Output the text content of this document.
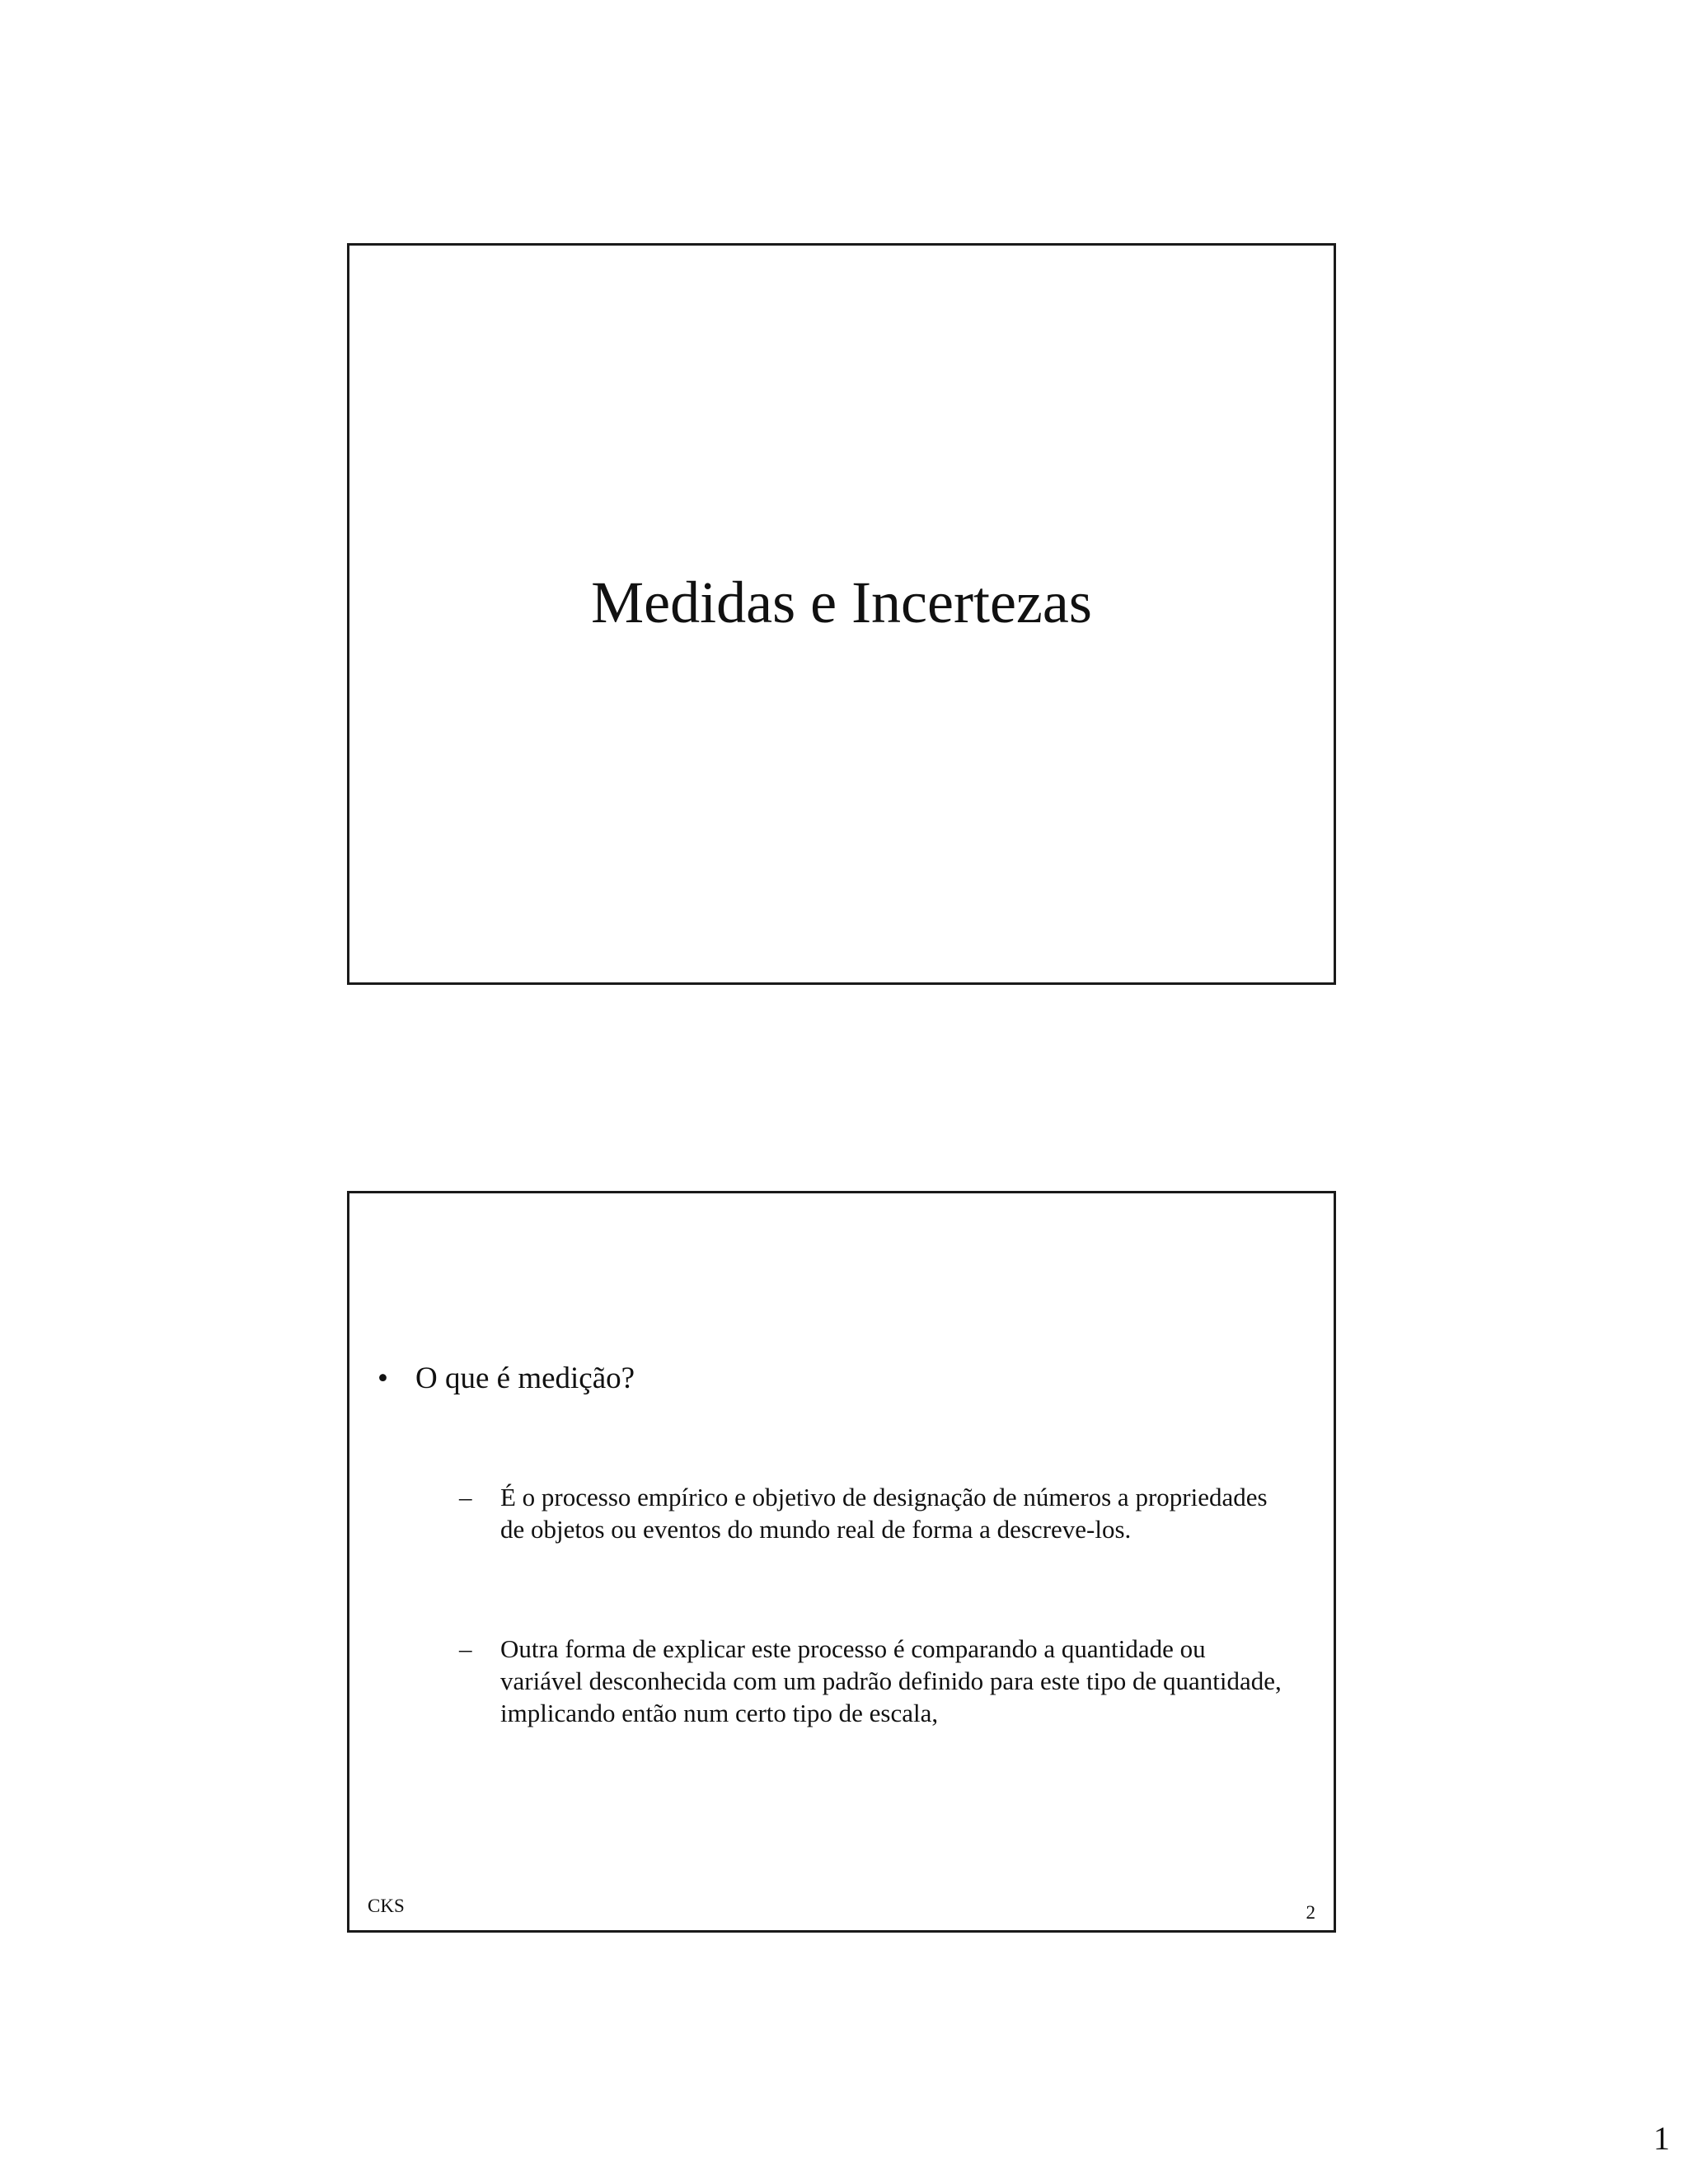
Medidas e Incertezas
• O que é medição?
– É o processo empírico e objetivo de designação de números a propriedades de objetos ou eventos do mundo real de forma a descreve-los.
– Outra forma de explicar este processo é comparando a quantidade ou variável desconhecida com um padrão definido para este tipo de quantidade, implicando então num certo tipo de escala,
CKS	2
1
